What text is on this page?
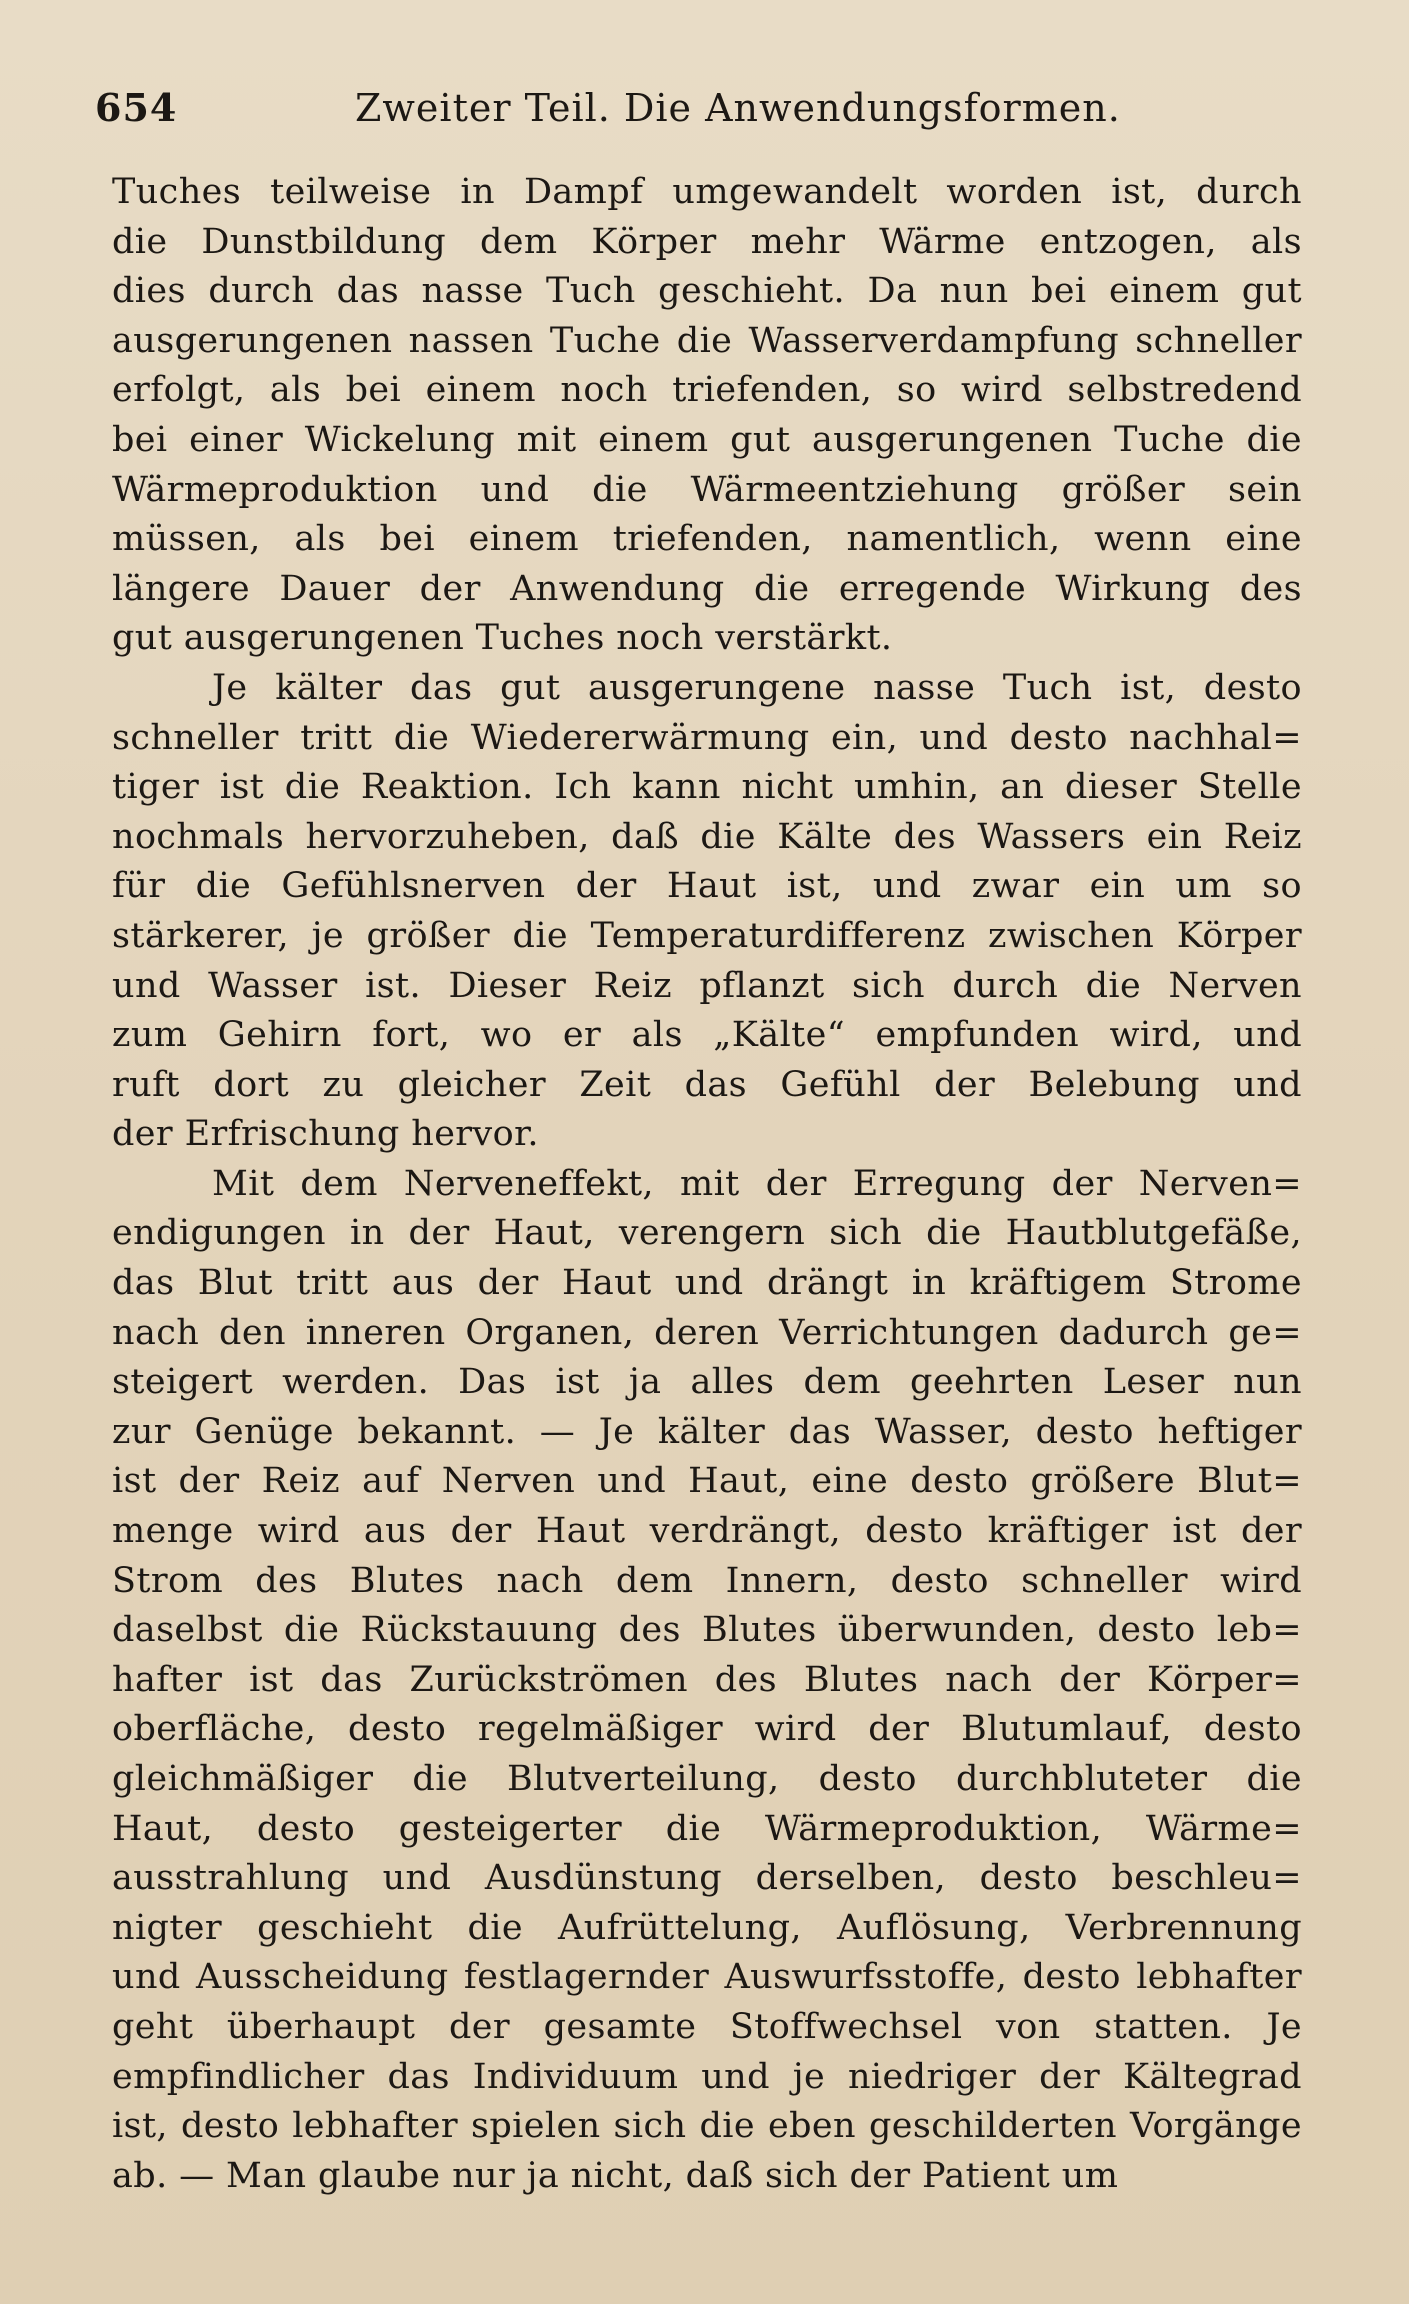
654	Zweiter Teil. Die Anwendungsformen.
Tuches teilweise in Dampf umgewandelt worden ist, durch
die Dunstbildung dem Körper mehr Wärme entzogen, als
dies durch das nasse Tuch geschieht. Da nun bei einem gut
ausgerungenen nassen Tuche die Wasserverdampfung schneller
erfolgt, als bei einem noch triefenden, so wird selbstredend
bei einer Wickelung mit einem gut ausgerungenen Tuche die
Wärmeproduktion und die Wärmeentziehung größer sein
müssen, als bei einem triefenden, namentlich, wenn eine
längere Dauer der Anwendung die erregende Wirkung des
gut ausgerungenen Tuches noch verstärkt.
Je kälter das gut ausgerungene nasse Tuch ist, desto
schneller tritt die Wiedererwärmung ein, und desto nachhal=
tiger ist die Reaktion. Ich kann nicht umhin, an dieser Stelle
nochmals hervorzuheben, daß die Kälte des Wassers ein Reiz
für die Gefühlsnerven der Haut ist, und zwar ein um so
stärkerer, je größer die Temperaturdifferenz zwischen Körper
und Wasser ist. Dieser Reiz pflanzt sich durch die Nerven
zum Gehirn fort, wo er als „Kälte“ empfunden wird, und
ruft dort zu gleicher Zeit das Gefühl der Belebung und
der Erfrischung hervor.
Mit dem Nerveneffekt, mit der Erregung der Nerven=
endigungen in der Haut, verengern sich die Hautblutgefäße,
das Blut tritt aus der Haut und drängt in kräftigem Strome
nach den inneren Organen, deren Verrichtungen dadurch ge=
steigert werden. Das ist ja alles dem geehrten Leser nun
zur Genüge bekannt. — Je kälter das Wasser, desto heftiger
ist der Reiz auf Nerven und Haut, eine desto größere Blut=
menge wird aus der Haut verdrängt, desto kräftiger ist der
Strom des Blutes nach dem Innern, desto schneller wird
daselbst die Rückstauung des Blutes überwunden, desto leb=
hafter ist das Zurückströmen des Blutes nach der Körper=
oberfläche, desto regelmäßiger wird der Blutumlauf, desto
gleichmäßiger die Blutverteilung, desto durchbluteter die
Haut, desto gesteigerter die Wärmeproduktion, Wärme=
ausstrahlung und Ausdünstung derselben, desto beschleu=
nigter geschieht die Aufrüttelung, Auflösung, Verbrennung
und Ausscheidung festlagernder Auswurfsstoffe, desto lebhafter
geht überhaupt der gesamte Stoffwechsel von statten. Je
empfindlicher das Individuum und je niedriger der Kältegrad
ist, desto lebhafter spielen sich die eben geschilderten Vorgänge
ab. — Man glaube nur ja nicht, daß sich der Patient um
